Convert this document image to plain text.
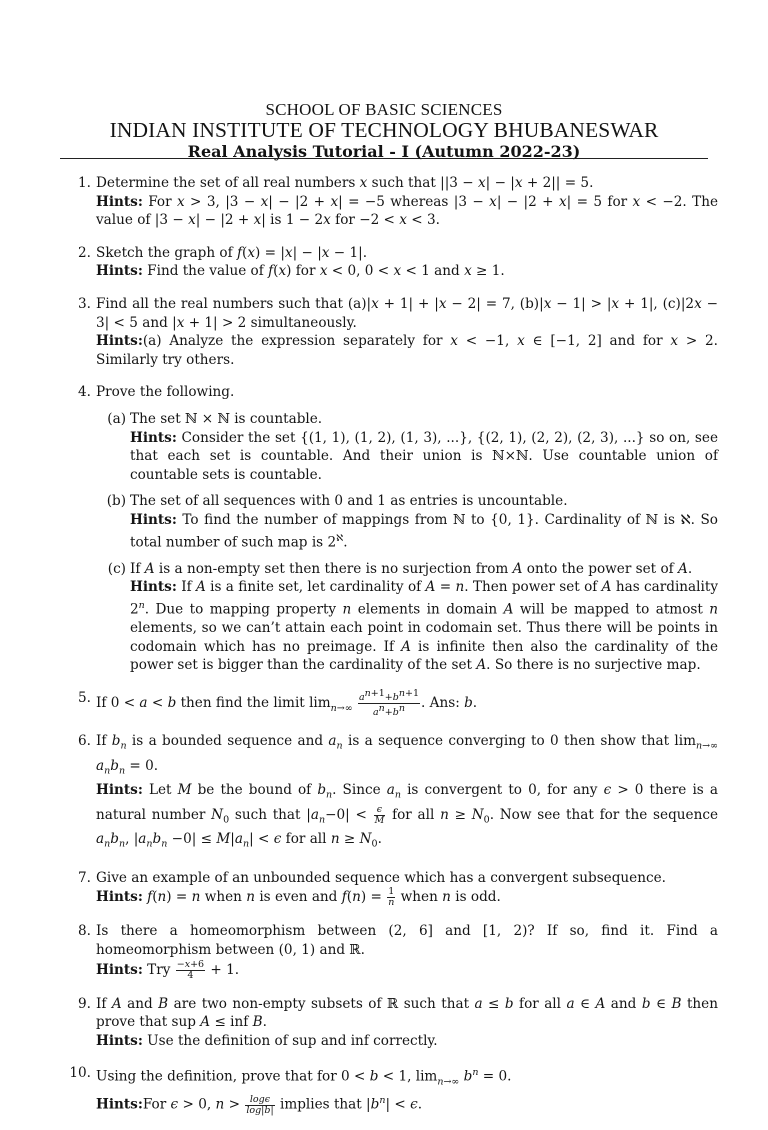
SCHOOL OF BASIC SCIENCES
INDIAN INSTITUTE OF TECHNOLOGY BHUBANESWAR
Real Analysis Tutorial - I (Autumn 2022-23)
1. Determine the set of all real numbers x such that ||3 − x| − |x + 2|| = 5.
Hints: For x > 3, |3 − x| − |2 + x| = −5 whereas |3 − x| − |2 + x| = 5 for x < −2. The value of |3 − x| − |2 + x| is 1 − 2x for −2 < x < 3.
2. Sketch the graph of f(x) = |x| − |x − 1|.
Hints: Find the value of f(x) for x < 0, 0 < x < 1 and x ≥ 1.
3. Find all the real numbers such that (a)|x + 1| + |x − 2| = 7, (b)|x − 1| > |x + 1|, (c)|2x − 3| < 5 and |x + 1| > 2 simultaneously.
Hints:(a) Analyze the expression separately for x < −1, x ∈ [−1, 2] and for x > 2. Similarly try others.
4. Prove the following.
(a) The set ℕ × ℕ is countable.
Hints: Consider the set {(1, 1), (1, 2), (1, 3), ...}, {(2, 1), (2, 2), (2, 3), ...} so on, see that each set is countable. And their union is ℕ×ℕ. Use countable union of countable sets is countable.
(b) The set of all sequences with 0 and 1 as entries is uncountable.
Hints: To find the number of mappings from ℕ to {0, 1}. Cardinality of ℕ is ℵ. So total number of such map is $2^ℵ$.
(c) If A is a non-empty set then there is no surjection from A onto the power set of A.
Hints: If A is a finite set, let cardinality of A = n. Then power set of A has cardinality 2$^n$. Due to mapping property n elements in domain A will be mapped to atmost n elements, so we can’t attain each point in codomain set. Thus there will be points in codomain which has no preimage. If A is infinite then also the cardinality of the power set is bigger than the cardinality of the set A. So there is no surjective map.
5. If 0 < a < b then find the limit $\lim_{n\to\infty} \frac{a^{n+1}+b^{n+1}}{a^n+b^n}$ . Ans: b.
6. If $b_n$ is a bounded sequence and $a_n$ is a sequence converging to 0 then show that $\lim_{n\to\infty} a_nb_n = 0$.
Hints: Let M be the bound of $b_n$. Since $a_n$ is convergent to 0, for any ϵ > 0 there is a natural number $N_0$ such that $|a_n-0| < \frac{\epsilon}{M}$ for all $n \ge N_0$. Now see that for the sequence $a_nb_n$, $|a_nb_n -0| \le M|a_n| < \epsilon$ for all $n \ge N_0$.
7. Give an example of an unbounded sequence which has a convergent subsequence.
Hints: f(n) = n when n is even and $f(n) = \frac{1}{n}$ when n is odd.
8. Is there a homeomorphism between (2, 6] and [1, 2)? If so, find it. Find a homeomorphism between (0, 1) and ℝ.
Hints: Try $\frac{-x+6}{4} + 1$.
9. If A and B are two non-empty subsets of ℝ such that a ≤ b for all a ∈ A and b ∈ B then prove that sup A ≤ inf B.
Hints: Use the definition of sup and inf correctly.
10. Using the definition, prove that for 0 < b < 1, $\lim_{n\to\infty} b^n = 0$.
Hints:For ϵ > 0, $n > \frac{\log\epsilon}{\log|b|}$ implies that $|b^n| < \epsilon$.
